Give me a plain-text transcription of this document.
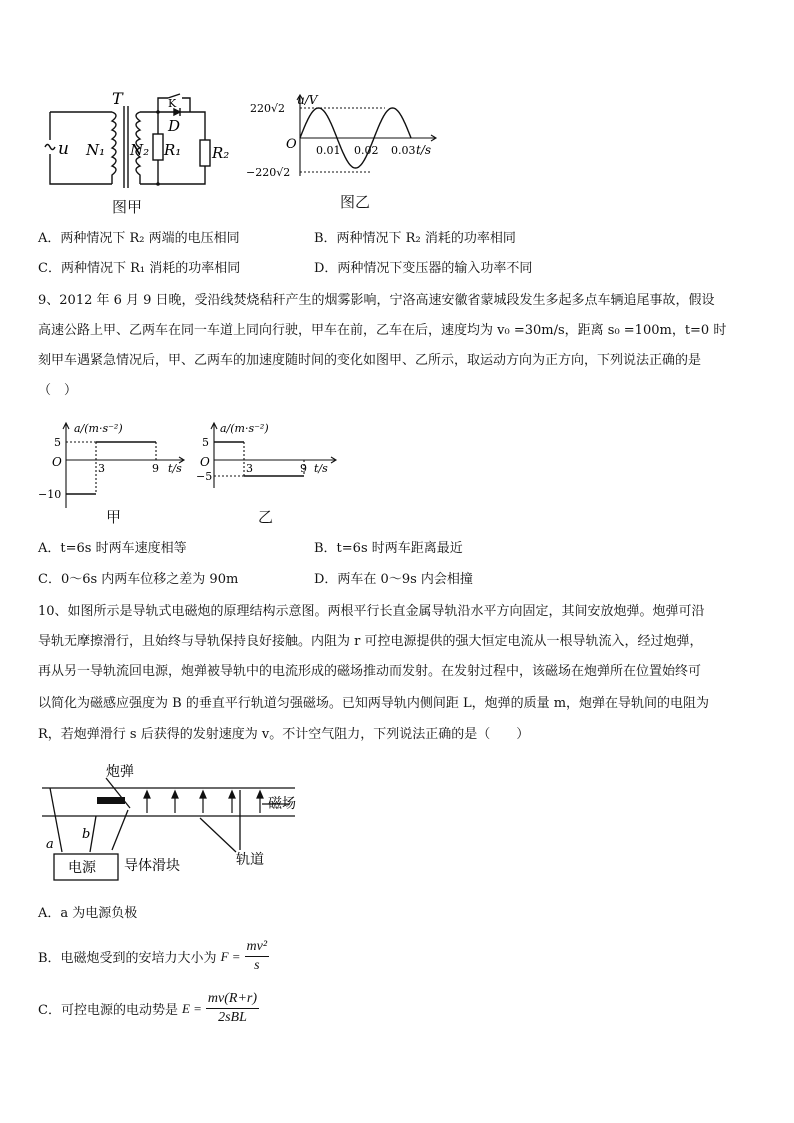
T
u N₁ N₂ R₁ R₂
K
D
图甲
u/V
220√2
−220√2
O 0.01 0.02 0.03 t/s
图乙
A．两种情况下 R₂ 两端的电压相同	B．两种情况下 R₂ 消耗的功率相同
C．两种情况下 R₁ 消耗的功率相同	D．两种情况下变压器的输入功率不同
9、2012 年 6 月 9 日晚，受沿线焚烧秸秆产生的烟雾影响，宁洛高速安徽省蒙城段发生多起多点车辆追尾事故，假设
高速公路上甲、乙两车在同一车道上同向行驶，甲车在前，乙车在后，速度均为 v₀ =30m/s，距离 s₀ =100m，t=0 时
刻甲车遇紧急情况后，甲、乙两车的加速度随时间的变化如图甲、乙所示，取运动方向为正方向，下列说法正确的是
（　）
a/(m·s⁻²)
5
−10
O	3	9 t/s
甲
a/(m·s⁻²)
5
−5
O	3	9 t/s
乙
A．t=6s 时两车速度相等	B．t=6s 时两车距离最近
C．0～6s 内两车位移之差为 90m	D．两车在 0～9s 内会相撞
10、如图所示是导轨式电磁炮的原理结构示意图。两根平行长直金属导轨沿水平方向固定，其间安放炮弹。炮弹可沿
导轨无摩擦滑行，且始终与导轨保持良好接触。内阻为 r 可控电源提供的强大恒定电流从一根导轨流入，经过炮弹，
再从另一导轨流回电源，炮弹被导轨中的电流形成的磁场推动而发射。在发射过程中，该磁场在炮弹所在位置始终可
以简化为磁感应强度为 B 的垂直平行轨道匀强磁场。已知两导轨内侧间距 L，炮弹的质量 m，炮弹在导轨间的电阻为
R，若炮弹滑行 s 后获得的发射速度为 v。不计空气阻力，下列说法正确的是（　　）
炮弹
磁场
a
b
电源 导体滑块	轨道
A．a 为电源负极
B．电磁炮受到的安培力大小为 $F = \frac{\text{mv²}}{s}$
C．可控电源的电动势是 $E = \frac{mv(R+r)}{\text{2sBL}}$
